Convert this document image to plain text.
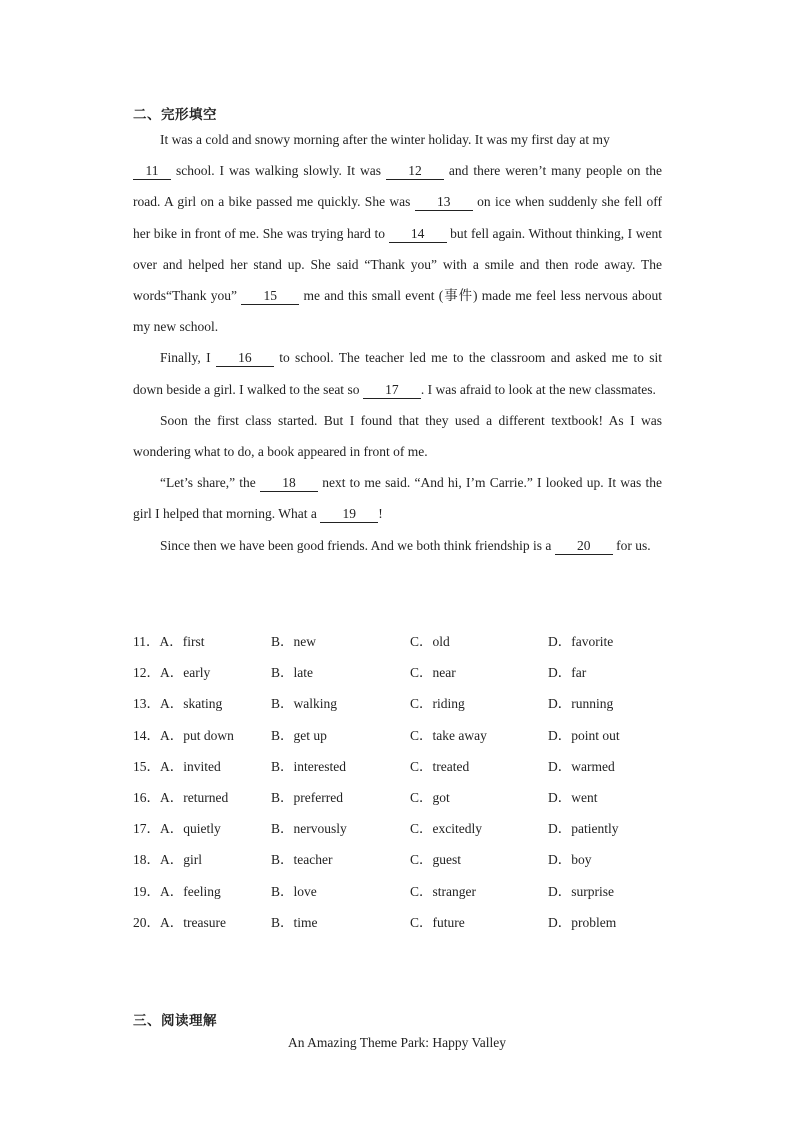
二、完形填空

It was a cold and snowy morning after the winter holiday. It was my first day at my
11 school. I was walking slowly. It was 12 and there weren’t many people on the road. A girl on a bike passed me quickly. She was 13 on ice when suddenly she fell off her bike in front of me. She was trying hard to 14 but fell again. Without thinking, I went over and helped her stand up. She said “Thank you” with a smile and then rode away. The words“Thank you” 15 me and this small event (事件) made me feel less nervous about my new school.

Finally, I 16 to school. The teacher led me to the classroom and asked me to sit down beside a girl. I walked to the seat so 17 . I was afraid to look at the new classmates.

Soon the first class started. But I found that they used a different textbook! As I was wondering what to do, a book appeared in front of me.

“Let’s share,” the 18 next to me said. “And hi, I’m Carrie.” I looked up. It was the girl I helped that morning. What a 19 !

Since then we have been good friends. And we both think friendship is a 20 for us.

11．A．first	B．new	C．old	D．favorite
12．A．early	B．late	C．near	D．far
13．A．skating	B．walking	C．riding	D．running
14．A．put down	B．get up	C．take away	D．point out
15．A．invited	B．interested	C．treated	D．warmed
16．A．returned	B．preferred	C．got	D．went
17．A．quietly	B．nervously	C．excitedly	D．patiently
18．A．girl	B．teacher	C．guest	D．boy
19．A．feeling	B．love	C．stranger	D．surprise
20．A．treasure	B．time	C．future	D．problem
三、阅读理解
An Amazing Theme Park: Happy Valley
